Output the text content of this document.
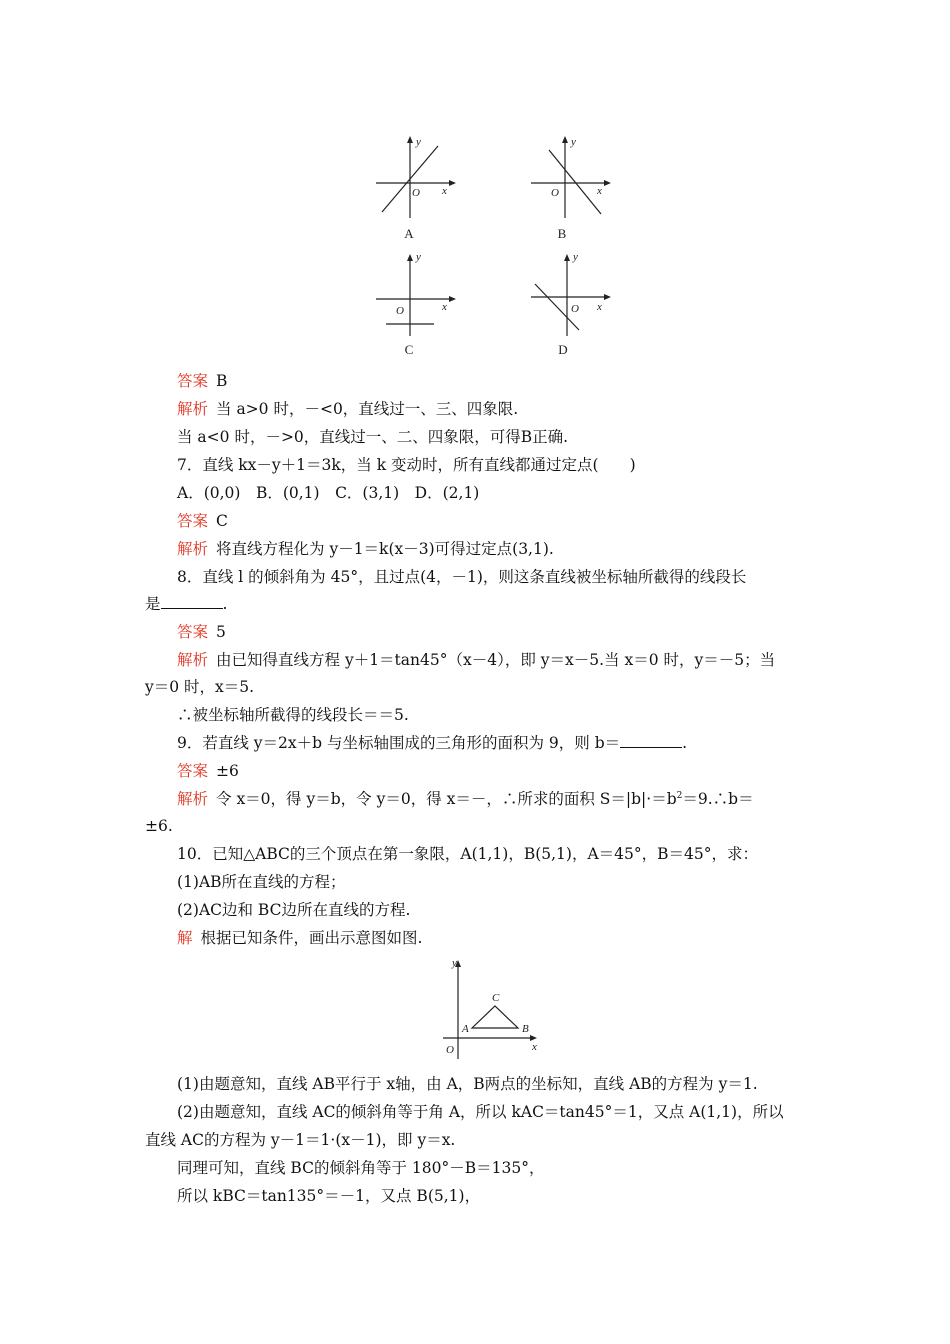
y
x
O
A
y
x
O
B
y
x
O
C
y
x
O
D
答案 B
解析 当 a>0 时，－<0，直线过一、三、四象限.
当 a<0 时，－>0，直线过一、二、四象限，可得B正确.
7．直线 kx－y＋1＝3k，当 k 变动时，所有直线都通过定点(　　)
A．(0,0)　B．(0,1)　C．(3,1)　D．(2,1)
答案 C
解析 将直线方程化为 y－1＝k(x－3)可得过定点(3,1).
8．直线 l 的倾斜角为 45°，且过点(4，－1)，则这条直线被坐标轴所截得的线段长
是	.
答案 5
解析 由已知得直线方程 y＋1＝tan45°（x－4），即 y＝x－5.当 x＝0 时，y＝－5；当
y＝0 时，x＝5.
∴被坐标轴所截得的线段长＝＝5.
9．若直线 y＝2x＋b 与坐标轴围成的三角形的面积为 9，则 b＝	.
答案 ±6
解析 令 x＝0，得 y＝b，令 y＝0，得 x＝－，∴所求的面积 $S=|b|\cdot=b^2=9.\therefore b=$
±6.
10．已知△ABC的三个顶点在第一象限，A(1,1)，B(5,1)，A＝45°，B＝45°，求：
(1)AB所在直线的方程；
(2)AC边和 BC边所在直线的方程.
解 根据已知条件，画出示意图如图.
y
x
O
A	B
C
(1)由题意知，直线 AB平行于 x轴，由 A，B两点的坐标知，直线 AB的方程为 y＝1.
(2)由题意知，直线 AC的倾斜角等于角 A，所以 kAC＝tan45°＝1，又点 A(1,1)，所以
直线 AC的方程为 y－1＝1·(x－1)，即 y＝x.
同理可知，直线 BC的倾斜角等于 180°－B＝135°，
所以 kBC＝tan135°＝－1，又点 B(5,1)，
